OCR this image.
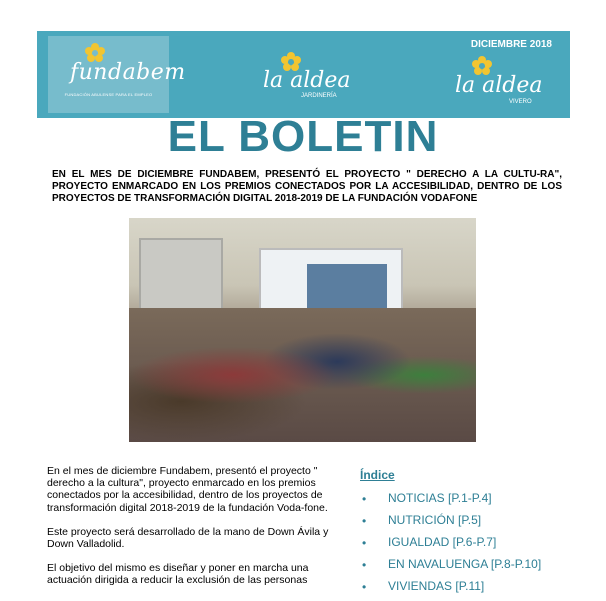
fundabem
FUNDACIÓN ABULENSE PARA EL EMPLEO
la aldea
JARDINERÍA	la aldea
VIVERO
DICIEMBRE 2018
EL BOLETIN
EN EL MES DE DICIEMBRE FUNDABEM, PRESENTÓ EL PROYECTO " DERECHO A LA CULTU-RA", PROYECTO ENMARCADO EN LOS PREMIOS CONECTADOS POR LA ACCESIBILIDAD, DENTRO DE LOS PROYECTOS DE TRANSFORMACIÓN DIGITAL 2018-2019 DE LA FUNDACIÓN VODAFONE

En el mes de diciembre Fundabem, presentó el proyecto " derecho a la cultura", proyecto enmarcado en los premios conectados por la accesibilidad, dentro de los proyectos de transformación digital 2018-2019 de la fundación Voda-fone.

Este proyecto será desarrollado de la mano de Down Ávila y Down Valladolid.

El objetivo del mismo es diseñar y poner en marcha una actuación dirigida a reducir la exclusión de las personas

Índice
• NOTICIAS [P.1-P.4]
• NUTRICIÓN [P.5]
• IGUALDAD [P.6-P.7]
• EN NAVALUENGA [P.8-P.10]
• VIVIENDAS [P.11]
